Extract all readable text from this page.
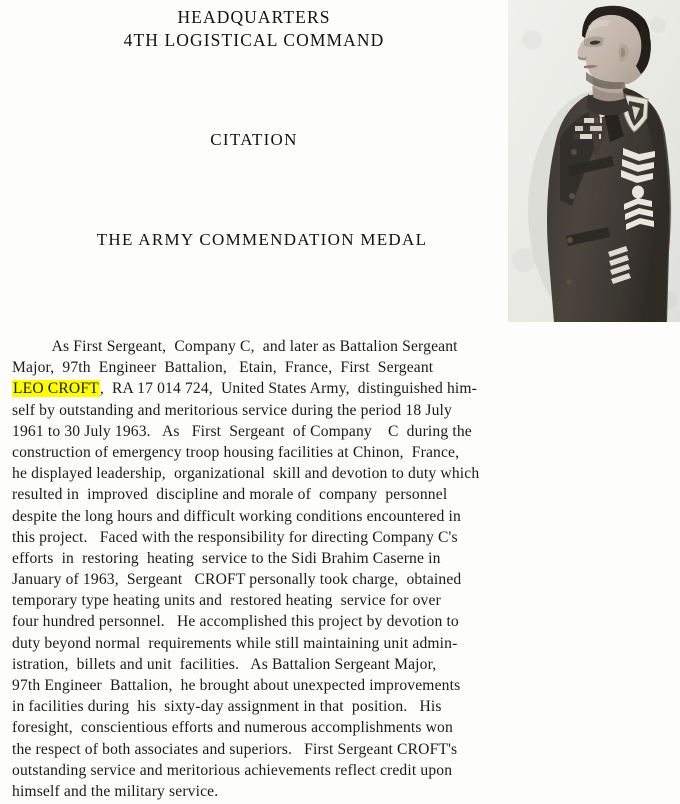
HEADQUARTERS
4TH LOGISTICAL COMMAND
CITATION
THE ARMY COMMENDATION MEDAL
As First Sergeant,  Company C,  and later as Battalion Sergeant
Major,  97th  Engineer  Battalion,   Etain,  France,  First  Sergeant
LEO CROFT,  RA 17 014 724,  United States Army,  distinguished him-
self by outstanding and meritorious service during the period 18 July
1961 to 30 July 1963.   As   First  Sergeant  of Company    C  during the
construction of emergency troop housing facilities at Chinon,  France,
he displayed leadership,  organizational  skill and devotion to duty which
resulted in  improved  discipline and morale of  company  personnel
despite the long hours and difficult working conditions encountered in
this project.   Faced with the responsibility for directing Company C's
efforts  in  restoring  heating  service to the Sidi Brahim Caserne in
January of 1963,  Sergeant   CROFT personally took charge,  obtained
temporary type heating units and  restored heating  service for over
four hundred personnel.   He accomplished this project by devotion to
duty beyond normal  requirements while still maintaining unit admin-
istration,  billets and unit  facilities.   As Battalion Sergeant Major,
97th Engineer  Battalion,  he brought about unexpected improvements
in facilities during  his  sixty-day assignment in that  position.   His
foresight,  conscientious efforts and numerous accomplishments won
the respect of both associates and superiors.   First Sergeant CROFT's
outstanding service and meritorious achievements reflect credit upon
himself and the military service.
